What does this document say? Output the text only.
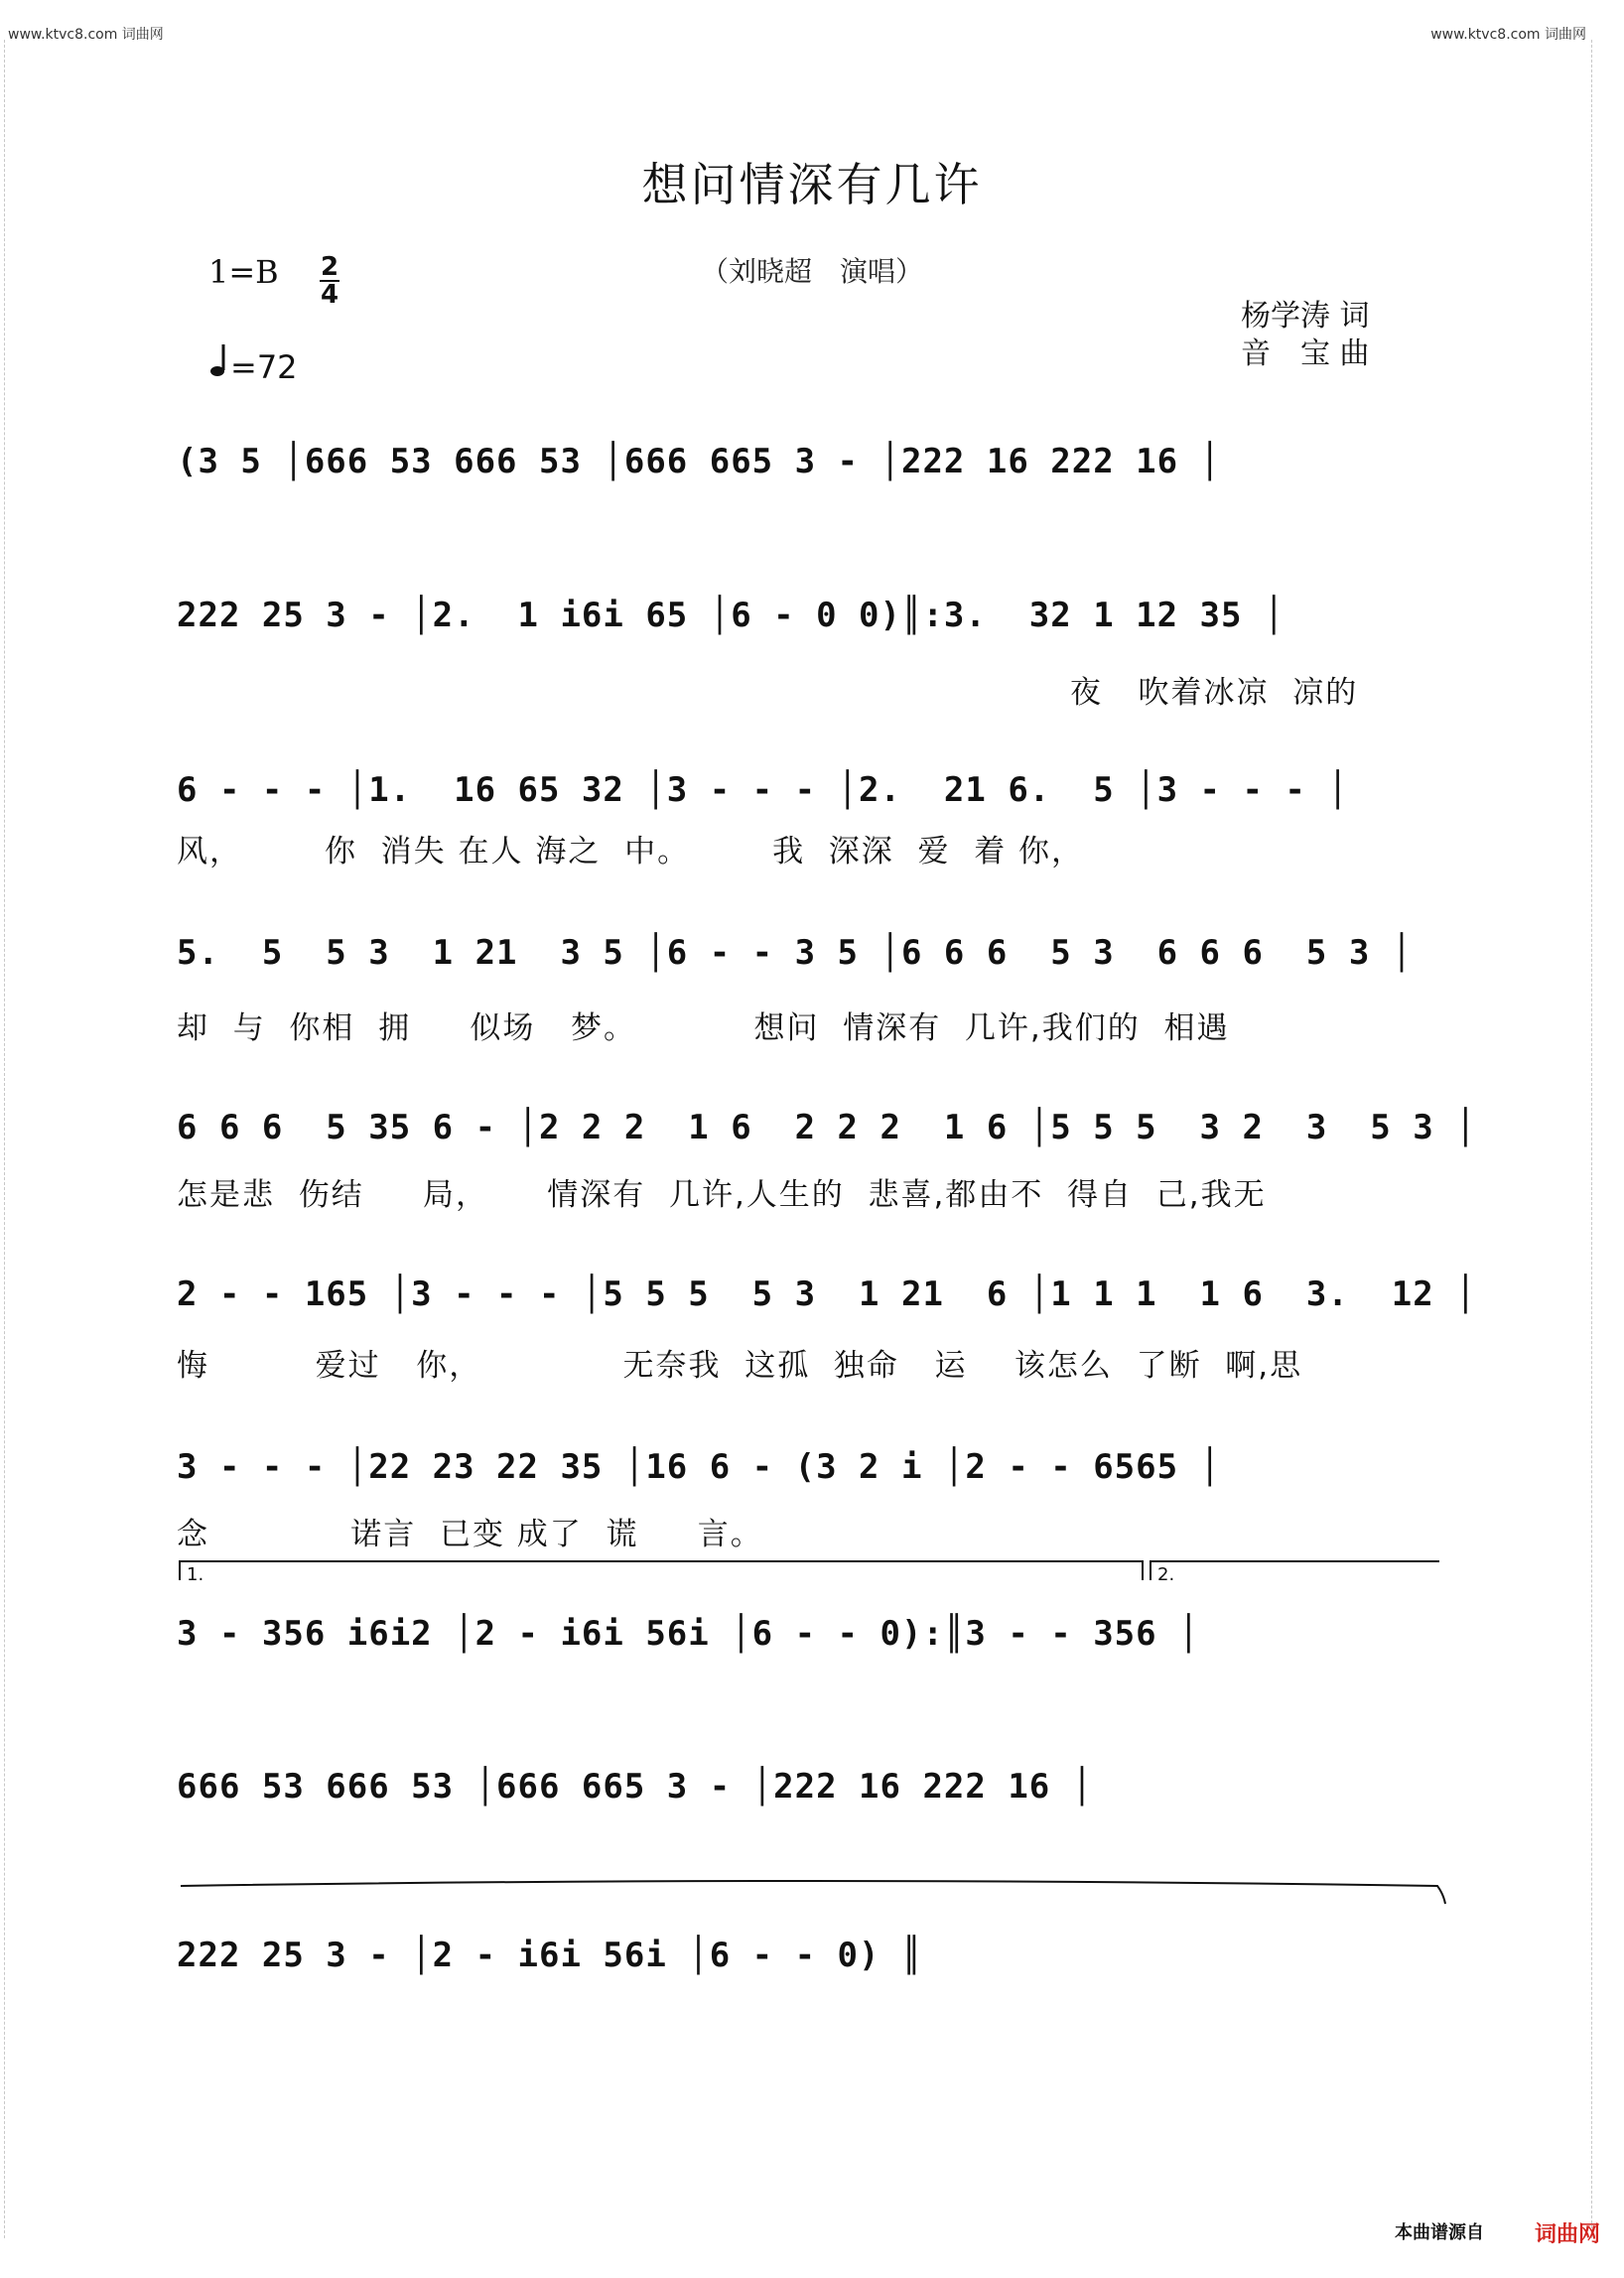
www.ktvc8.com 词曲网	www.ktvc8.com 词曲网
想问情深有几许
（刘晓超　演唱）
1=B 2
4
=72
杨学涛 词
音　宝 曲
(3 5 │666 53 666 53 │666 665 3 - │222 16 222 16 │
222 25 3 - │2.  1 i6i 65 │6 - 0 0)║:3.  32 1 12 35 │
夜   吹着冰凉  凉的
6 - - - │1.  16 65 32 │3 - - - │2.  21 6.  5 │3 - - - │
风，       你  消失 在人 海之  中。       我  深深  爱  着 你，
5.  5  5 3  1 21  3 5 │6 - - 3 5 │6 6 6  5 3  6 6 6  5 3 │
却  与  你相  拥     似场   梦。          想问  情深有  几许,我们的  相遇
6 6 6  5 35 6 - │2 2 2  1 6  2 2 2  1 6 │5 5 5  3 2  3  5 3 │
怎是悲  伤结     局，     情深有  几许,人生的  悲喜,都由不  得自  己,我无
2 - - 165 │3 - - - │5 5 5  5 3  1 21  6 │1 1 1  1 6  3.  12 │
悔         爱过   你，            无奈我  这孤  独命   运    该怎么  了断  啊,思
3 - - - │22 23 22 35 │16 6 - (3 2 i │2 - - 6565 │
念            诺言  已变 成了  谎     言。
1.	2.
3 - 356 i6i2 │2 - i6i 56i │6 - - 0):║3 - - 356 │
666 53 666 53 │666 665 3 - │222 16 222 16 │
222 25 3 - │2 - i6i 56i │6 - - 0) ║
本曲谱源自 词曲网
